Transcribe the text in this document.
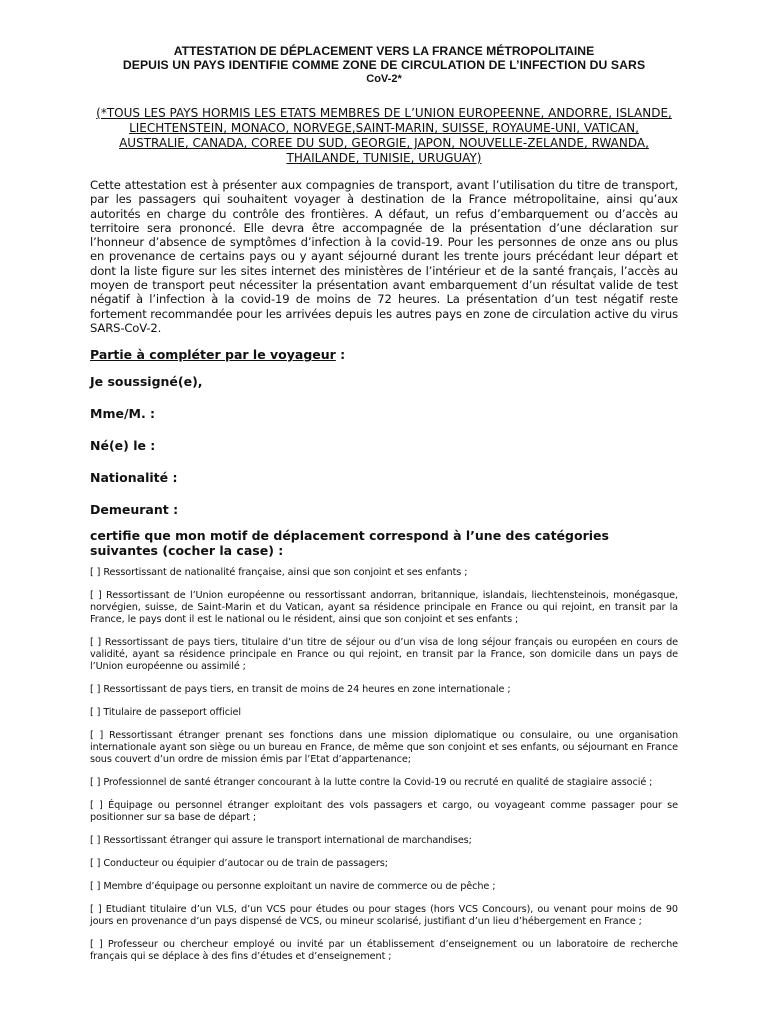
ATTESTATION DE DÉPLACEMENT VERS LA FRANCE MÉTROPOLITAINE
DEPUIS UN PAYS IDENTIFIE COMME ZONE DE CIRCULATION DE L’INFECTION DU SARS
CoV-2*

(*TOUS LES PAYS HORMIS LES ETATS MEMBRES DE L’UNION EUROPEENNE, ANDORRE, ISLANDE, LIECHTENSTEIN, MONACO, NORVEGE,SAINT-MARIN, SUISSE, ROYAUME-UNI, VATICAN, AUSTRALIE, CANADA, COREE DU SUD, GEORGIE, JAPON, NOUVELLE-ZELANDE, RWANDA, THAILANDE, TUNISIE, URUGUAY)

Cette attestation est à présenter aux compagnies de transport, avant l’utilisation du titre de transport, par les passagers qui souhaitent voyager à destination de la France métropolitaine, ainsi qu’aux autorités en charge du contrôle des frontières. A défaut, un refus d’embarquement ou d’accès au territoire sera prononcé. Elle devra être accompagnée de la présentation d’une déclaration sur l’honneur d’absence de symptômes d’infection à la covid-19. Pour les personnes de onze ans ou plus en provenance de certains pays ou y ayant séjourné durant les trente jours précédant leur départ et dont la liste figure sur les sites internet des ministères de l’intérieur et de la santé français, l’accès au moyen de transport peut nécessiter la présentation avant embarquement d’un résultat valide de test négatif à l’infection à la covid-19 de moins de 72 heures. La présentation d’un test négatif reste fortement recommandée pour les arrivées depuis les autres pays en zone de circulation active du virus SARS-CoV-2.

Partie à compléter par le voyageur :

Je soussigné(e),

Mme/M. :

Né(e) le :

Nationalité :

Demeurant :

certifie que mon motif de déplacement correspond à l’une des catégories suivantes (cocher la case) :

[ ] Ressortissant de nationalité française, ainsi que son conjoint et ses enfants ;

[ ] Ressortissant de l’Union européenne ou ressortissant andorran, britannique, islandais, liechtensteinois, monégasque, norvégien, suisse, de Saint-Marin et du Vatican, ayant sa résidence principale en France ou qui rejoint, en transit par la France, le pays dont il est le national ou le résident, ainsi que son conjoint et ses enfants ;

[ ] Ressortissant de pays tiers, titulaire d’un titre de séjour ou d’un visa de long séjour français ou européen en cours de validité, ayant sa résidence principale en France ou qui rejoint, en transit par la France, son domicile dans un pays de l’Union européenne ou assimilé ;

[ ] Ressortissant de pays tiers, en transit de moins de 24 heures en zone internationale ;

[ ] Titulaire de passeport officiel

[ ] Ressortissant étranger prenant ses fonctions dans une mission diplomatique ou consulaire, ou une organisation internationale ayant son siège ou un bureau en France, de même que son conjoint et ses enfants, ou séjournant en France sous couvert d’un ordre de mission émis par l’Etat d’appartenance;

[ ] Professionnel de santé étranger concourant à la lutte contre la Covid-19 ou recruté en qualité de stagiaire associé ;

[ ] Équipage ou personnel étranger exploitant des vols passagers et cargo, ou voyageant comme passager pour se positionner sur sa base de départ ;

[ ] Ressortissant étranger qui assure le transport international de marchandises;

[ ] Conducteur ou équipier d’autocar ou de train de passagers;

[ ] Membre d’équipage ou personne exploitant un navire de commerce ou de pêche ;

[ ] Etudiant titulaire d’un VLS, d’un VCS pour études ou pour stages (hors VCS Concours), ou venant pour moins de 90 jours en provenance d’un pays dispensé de VCS, ou mineur scolarisé, justifiant d’un lieu d’hébergement en France ;

[ ] Professeur ou chercheur employé ou invité par un établissement d’enseignement ou un laboratoire de recherche français qui se déplace à des fins d’études et d’enseignement ;
